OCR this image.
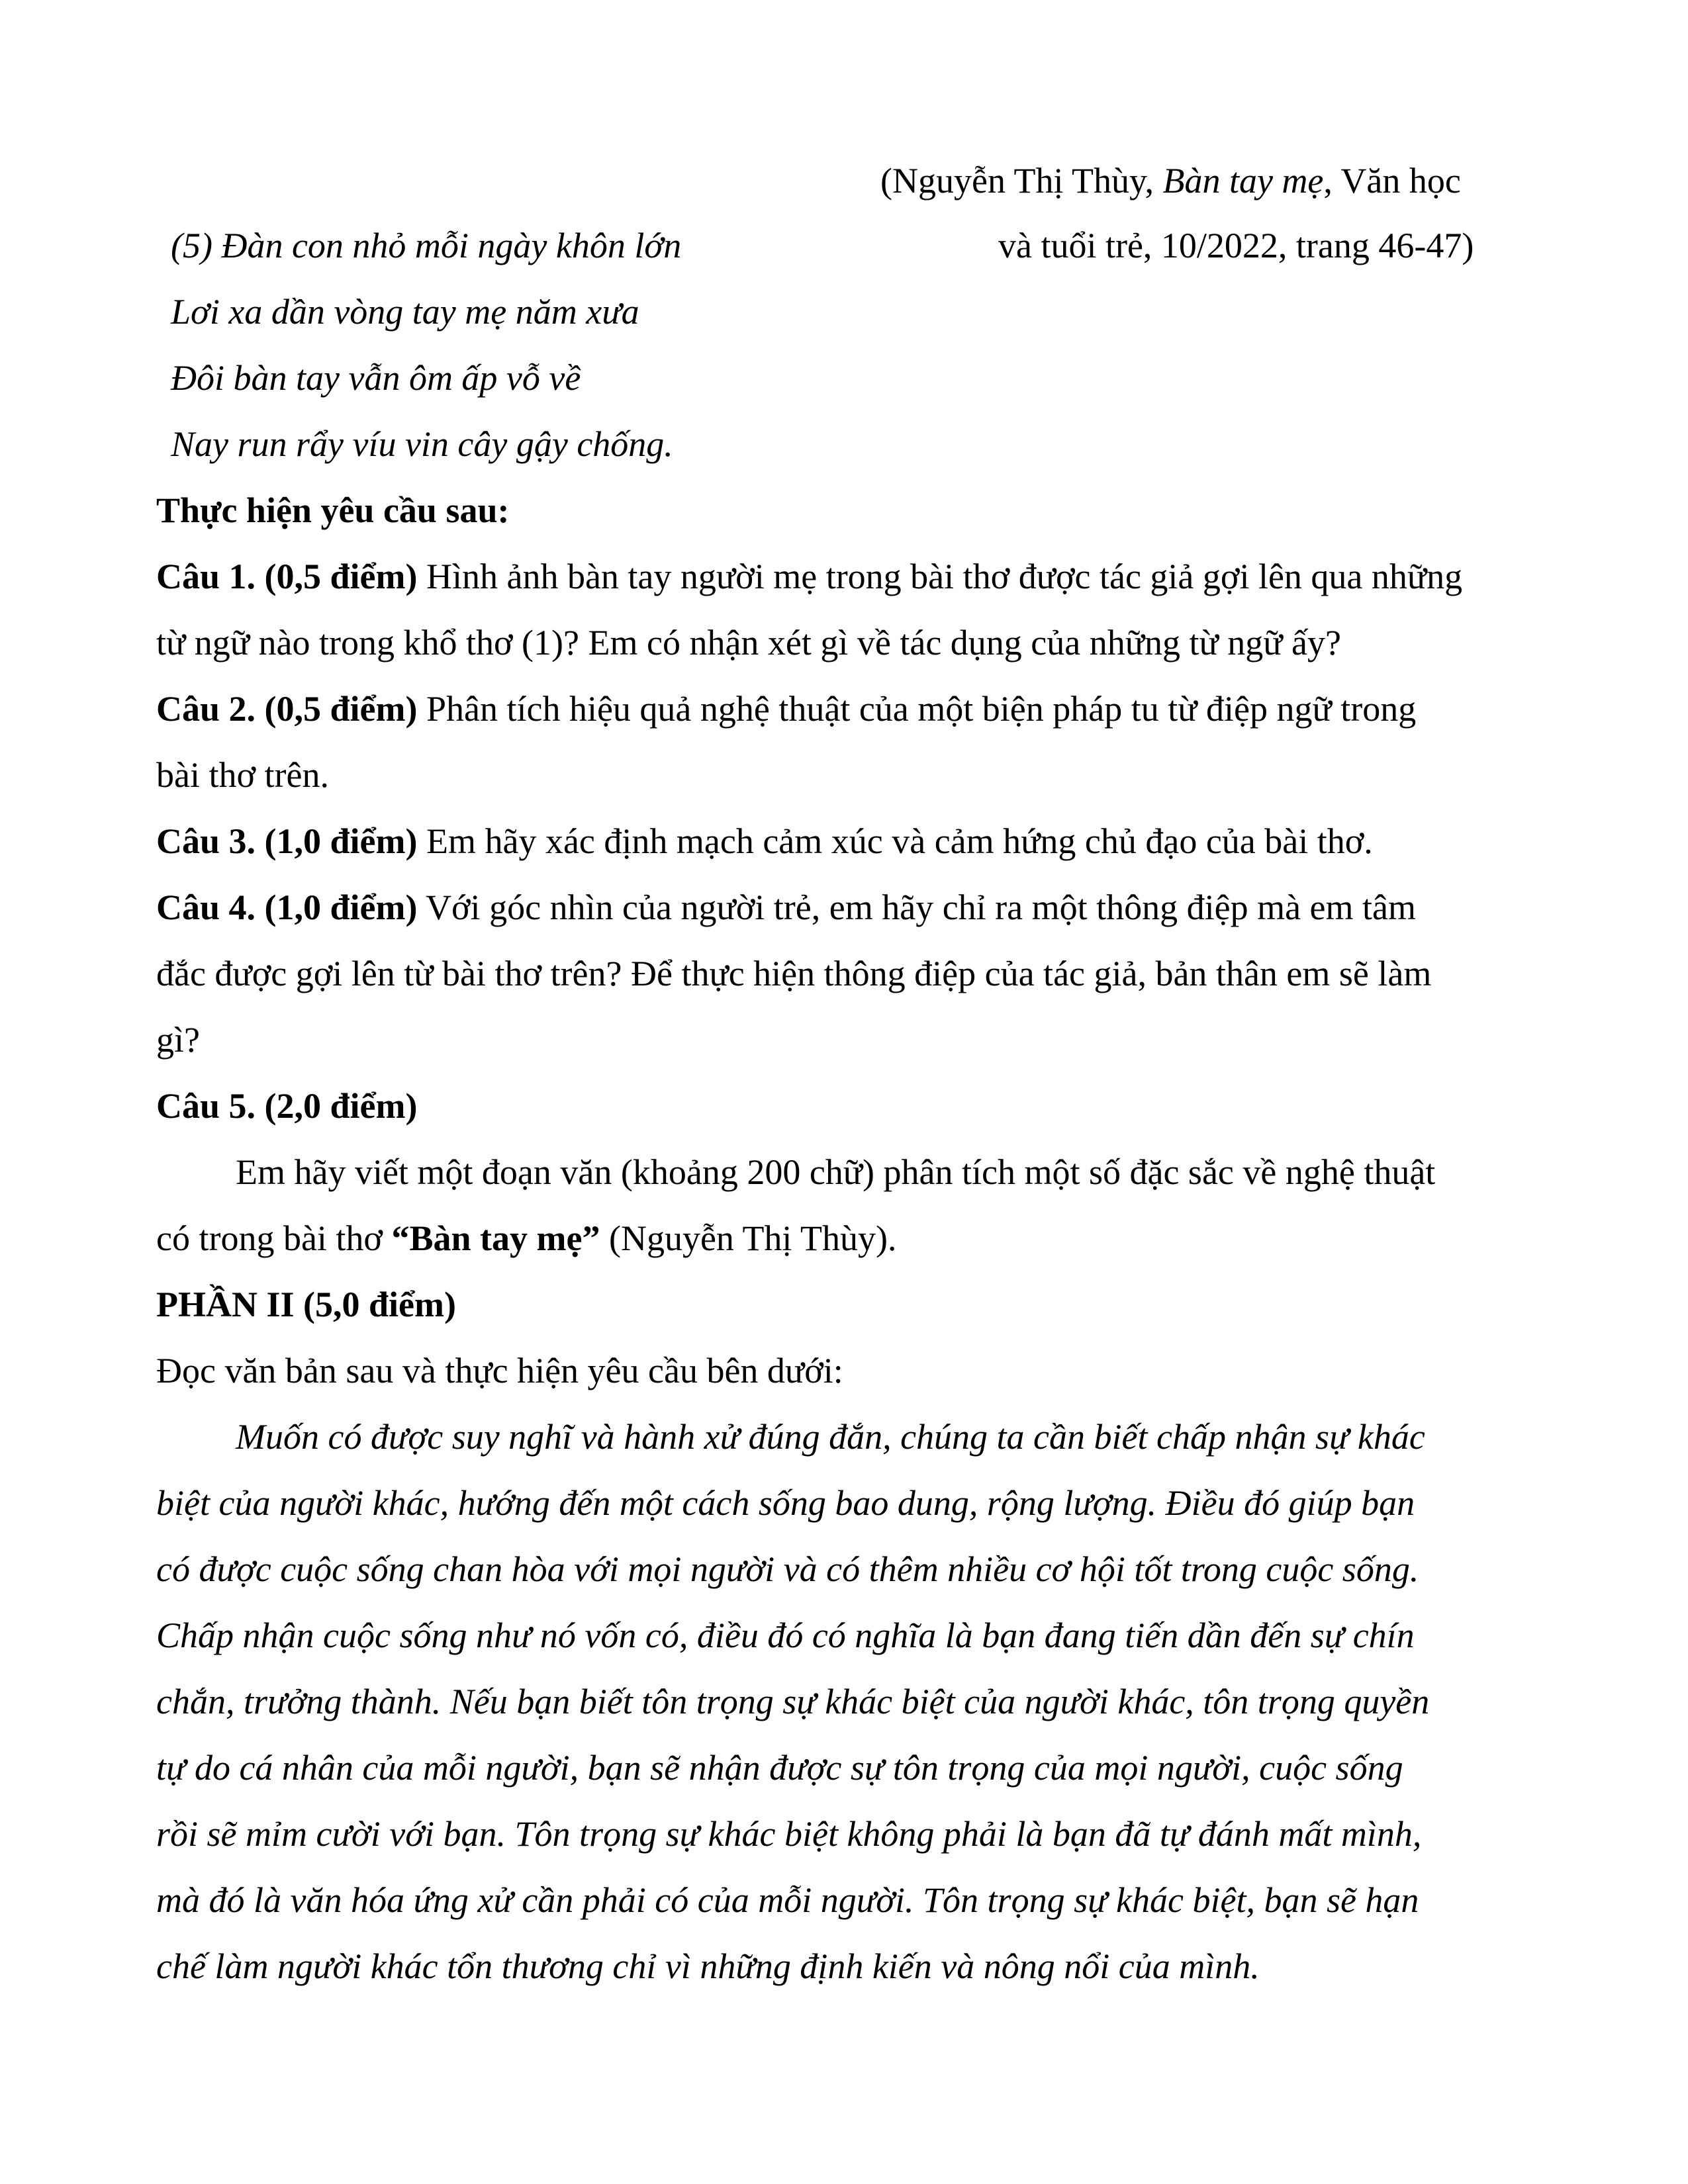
(Nguyễn Thị Thùy, Bàn tay mẹ, Văn học
và tuổi trẻ, 10/2022, trang 46-47)
(5) Đàn con nhỏ mỗi ngày khôn lớn
Lơi xa dần vòng tay mẹ năm xưa
Đôi bàn tay vẫn ôm ấp vỗ về
Nay run rẩy víu vin cây gậy chống.
Thực hiện yêu cầu sau:
Câu 1. (0,5 điểm) Hình ảnh bàn tay người mẹ trong bài thơ được tác giả gợi lên qua những
từ ngữ nào trong khổ thơ (1)? Em có nhận xét gì về tác dụng của những từ ngữ ấy?
Câu 2. (0,5 điểm) Phân tích hiệu quả nghệ thuật của một biện pháp tu từ điệp ngữ trong
bài thơ trên.
Câu 3. (1,0 điểm) Em hãy xác định mạch cảm xúc và cảm hứng chủ đạo của bài thơ.
Câu 4. (1,0 điểm) Với góc nhìn của người trẻ, em hãy chỉ ra một thông điệp mà em tâm
đắc được gợi lên từ bài thơ trên? Để thực hiện thông điệp của tác giả, bản thân em sẽ làm
gì?
Câu 5. (2,0 điểm)
Em hãy viết một đoạn văn (khoảng 200 chữ) phân tích một số đặc sắc về nghệ thuật
có trong bài thơ “Bàn tay mẹ” (Nguyễn Thị Thùy).
PHẦN II (5,0 điểm)
Đọc văn bản sau và thực hiện yêu cầu bên dưới:
Muốn có được suy nghĩ và hành xử đúng đắn, chúng ta cần biết chấp nhận sự khác
biệt của người khác, hướng đến một cách sống bao dung, rộng lượng. Điều đó giúp bạn
có được cuộc sống chan hòa với mọi người và có thêm nhiều cơ hội tốt trong cuộc sống.
Chấp nhận cuộc sống như nó vốn có, điều đó có nghĩa là bạn đang tiến dần đến sự chín
chắn, trưởng thành. Nếu bạn biết tôn trọng sự khác biệt của người khác, tôn trọng quyền
tự do cá nhân của mỗi người, bạn sẽ nhận được sự tôn trọng của mọi người, cuộc sống
rồi sẽ mỉm cười với bạn. Tôn trọng sự khác biệt không phải là bạn đã tự đánh mất mình,
mà đó là văn hóa ứng xử cần phải có của mỗi người. Tôn trọng sự khác biệt, bạn sẽ hạn
chế làm người khác tổn thương chỉ vì những định kiến và nông nổi của mình.
